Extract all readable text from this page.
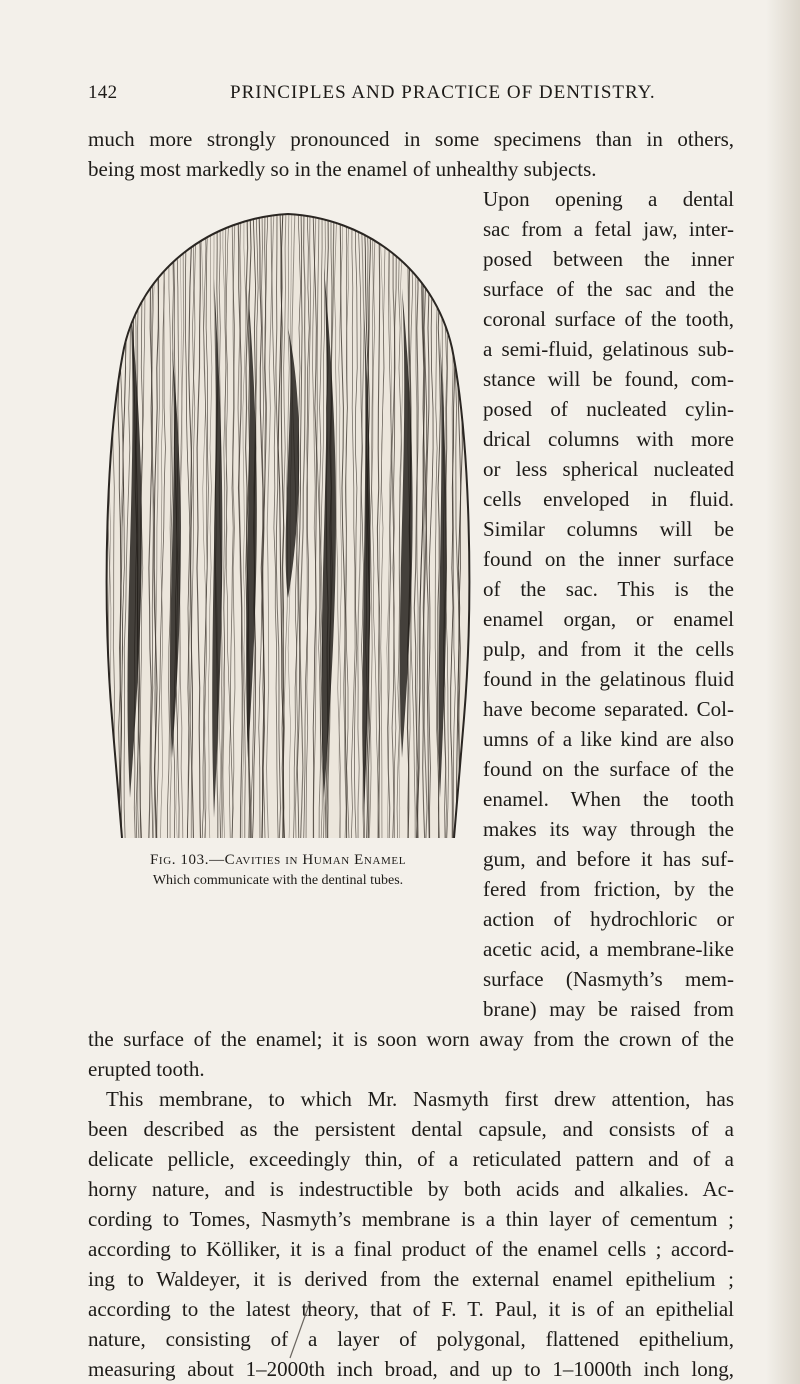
142	PRINCIPLES AND PRACTICE OF DENTISTRY.
much more strongly pronounced in some specimens than in others,
being most markedly so in the enamel of unhealthy subjects.
Upon opening a dental
sac from a fetal jaw, inter-
posed between the inner
surface of the sac and the
coronal surface of the tooth,
a semi-fluid, gelatinous sub-
stance will be found, com-
posed of nucleated cylin-
drical columns with more
or less spherical nucleated
cells enveloped in fluid.
Similar columns will be
found on the inner surface
of the sac. This is the
enamel organ, or enamel
pulp, and from it the cells
found in the gelatinous fluid
have become separated. Col-
umns of a like kind are also
found on the surface of the
enamel. When the tooth
makes its way through the
gum, and before it has suf-
fered from friction, by the
action of hydrochloric or
acetic acid, a membrane-like
surface (Nasmyth’s mem-
brane) may be raised from
the surface of the enamel; it is soon worn away from the crown of the
erupted tooth.
This membrane, to which Mr. Nasmyth first drew attention, has
been described as the persistent dental capsule, and consists of a
delicate pellicle, exceedingly thin, of a reticulated pattern and of a
horny nature, and is indestructible by both acids and alkalies. Ac-
cording to Tomes, Nasmyth’s membrane is a thin layer of cementum ;
according to Kölliker, it is a final product of the enamel cells ; accord-
ing to Waldeyer, it is derived from the external enamel epithelium ;
according to the latest theory, that of F. T. Paul, it is of an epithelial
nature, consisting of a layer of polygonal, flattened epithelium,
measuring about 1–2000th inch broad, and up to 1–1000th inch long,
Fig. 103.—Cavities in Human Enamel
Which communicate with the dentinal tubes.
